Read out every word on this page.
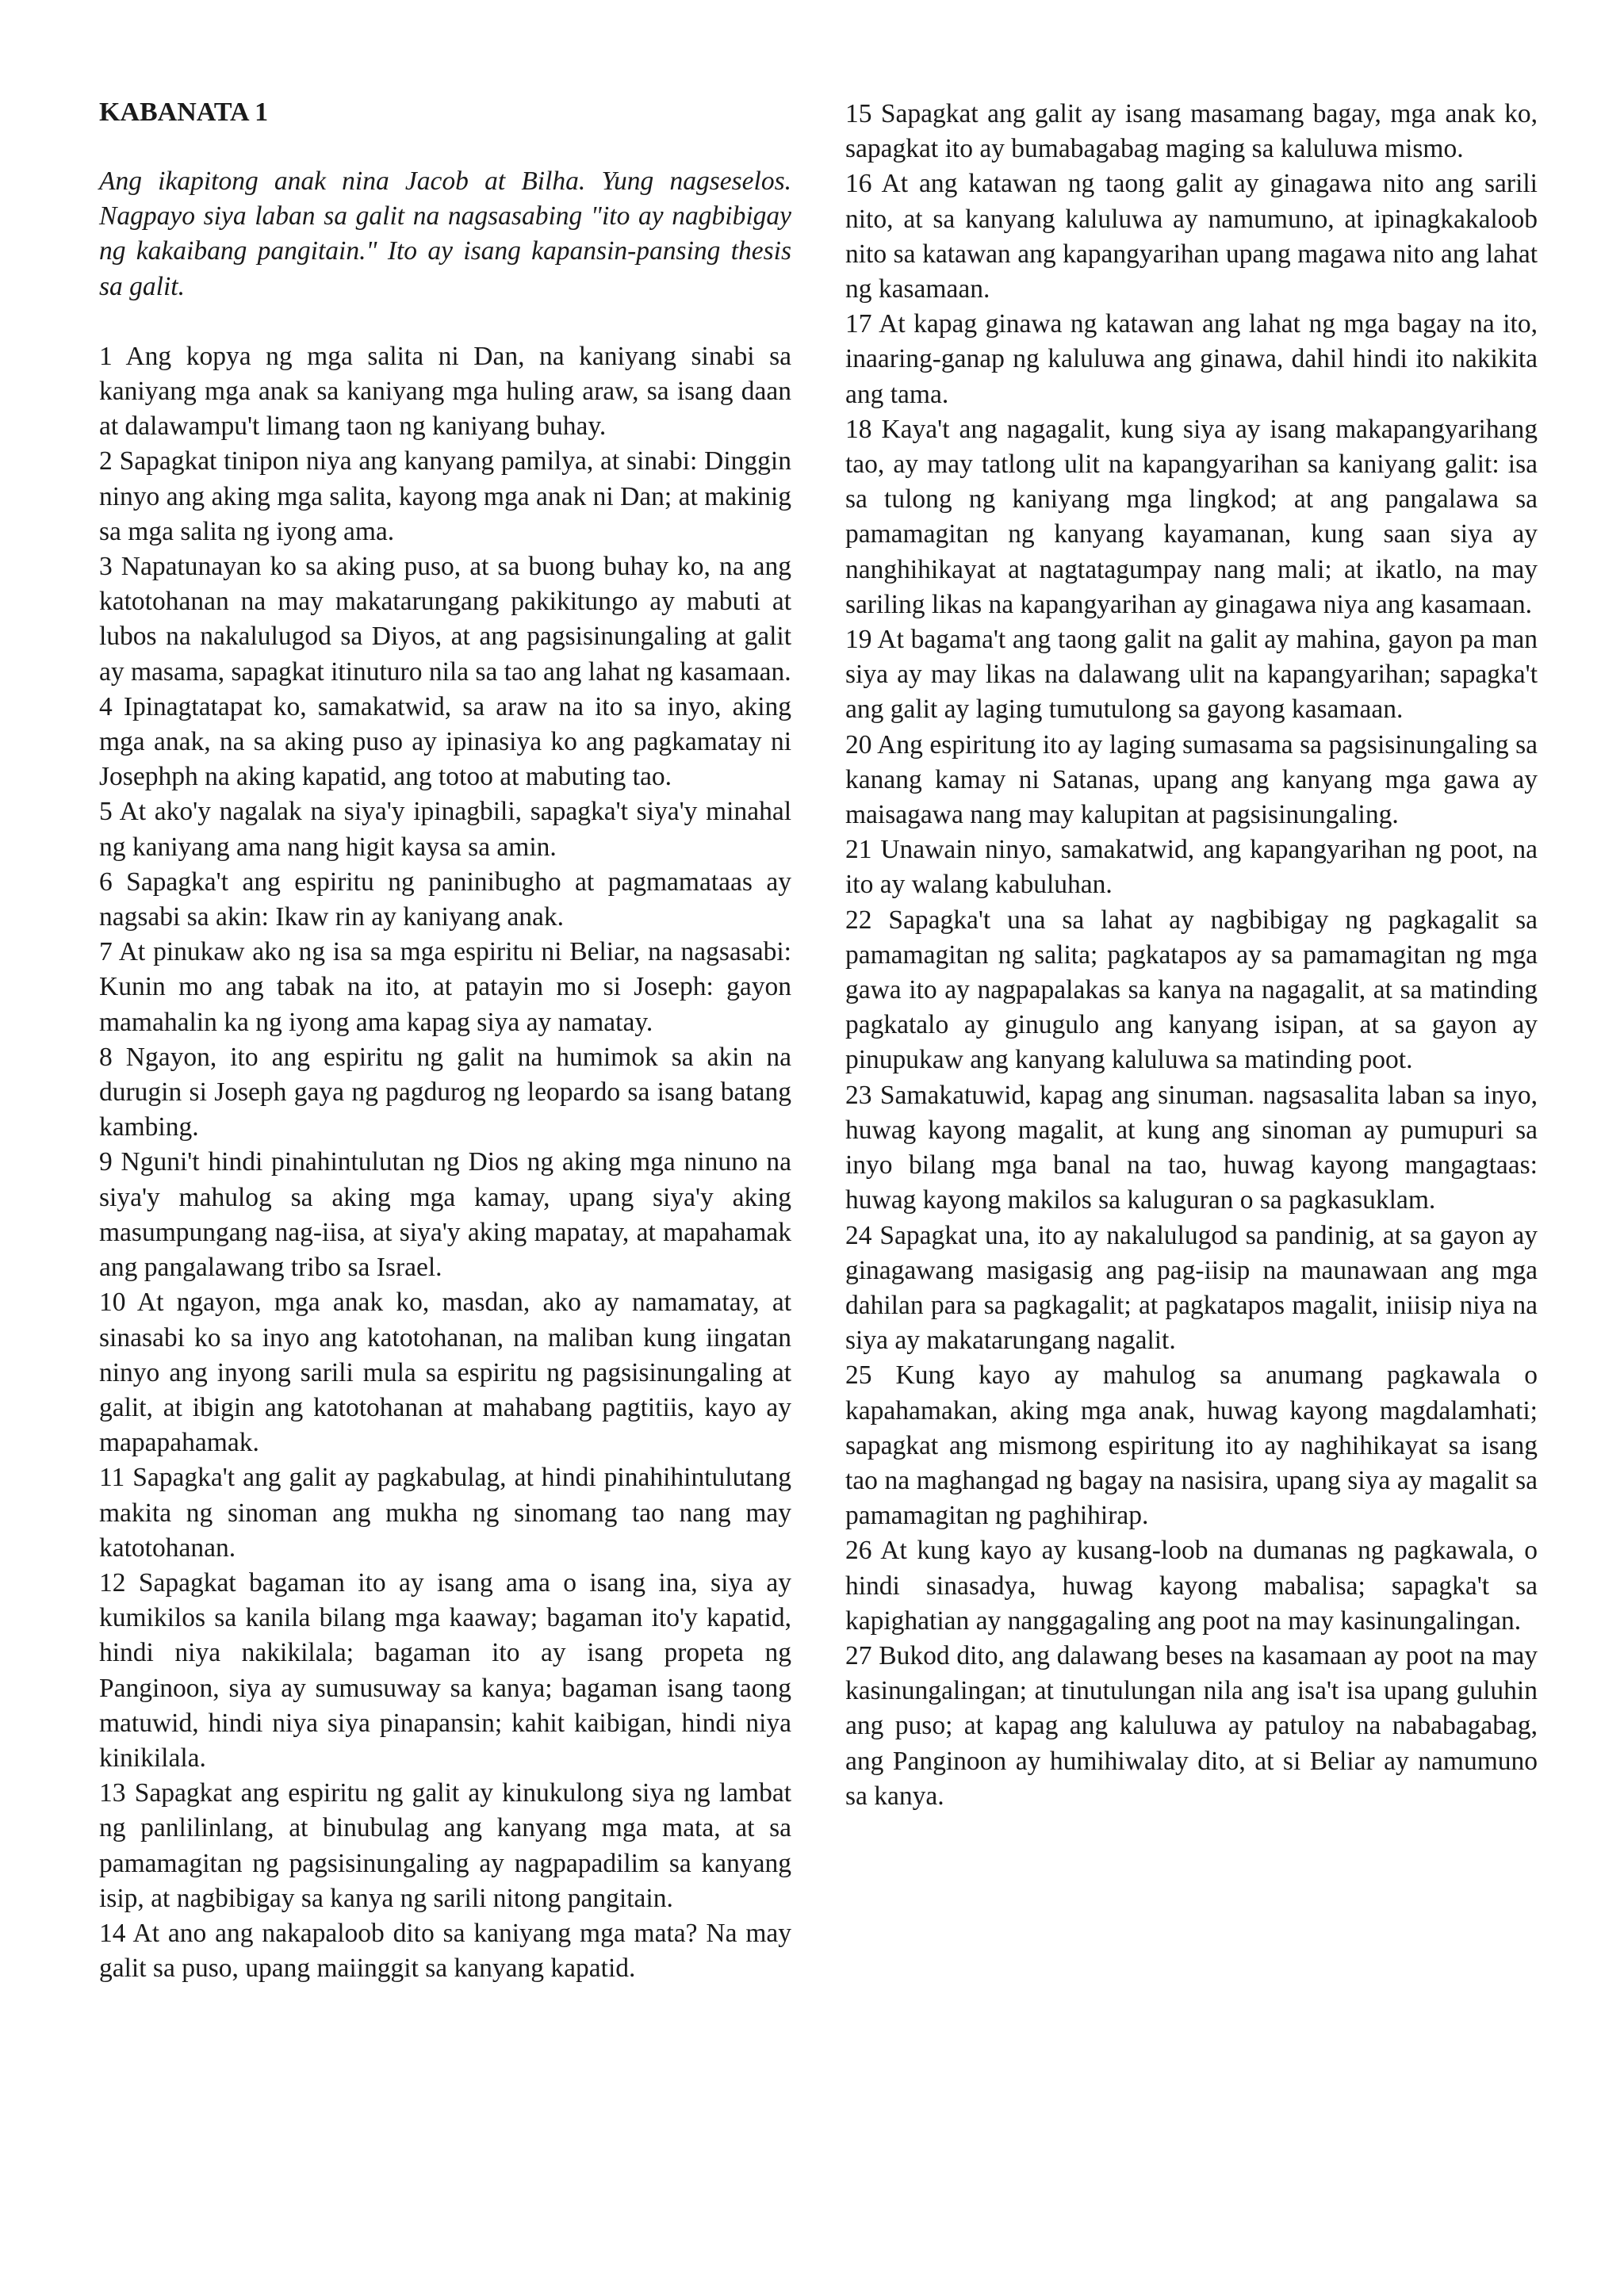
KABANATA 1

Ang ikapitong anak nina Jacob at Bilha. Yung nagseselos. Nagpayo siya laban sa galit na nagsasabing "ito ay nagbibigay ng kakaibang pangitain." Ito ay isang kapansin-pansing thesis sa galit.

1 Ang kopya ng mga salita ni Dan, na kaniyang sinabi sa kaniyang mga anak sa kaniyang mga huling araw, sa isang daan at dalawampu't limang taon ng kaniyang buhay.

2 Sapagkat tinipon niya ang kanyang pamilya, at sinabi: Dinggin ninyo ang aking mga salita, kayong mga anak ni Dan; at makinig sa mga salita ng iyong ama.

3 Napatunayan ko sa aking puso, at sa buong buhay ko, na ang katotohanan na may makatarungang pakikitungo ay mabuti at lubos na nakalulugod sa Diyos, at ang pagsisinungaling at galit ay masama, sapagkat itinuturo nila sa tao ang lahat ng kasamaan.

4 Ipinagtatapat ko, samakatwid, sa araw na ito sa inyo, aking mga anak, na sa aking puso ay ipinasiya ko ang pagkamatay ni Josephph na aking kapatid, ang totoo at mabuting tao.

5 At ako'y nagalak na siya'y ipinagbili, sapagka't siya'y minahal ng kaniyang ama nang higit kaysa sa amin.

6 Sapagka't ang espiritu ng paninibugho at pagmamataas ay nagsabi sa akin: Ikaw rin ay kaniyang anak.

7 At pinukaw ako ng isa sa mga espiritu ni Beliar, na nagsasabi: Kunin mo ang tabak na ito, at patayin mo si Joseph: gayon mamahalin ka ng iyong ama kapag siya ay namatay.

8 Ngayon, ito ang espiritu ng galit na humimok sa akin na durugin si Joseph gaya ng pagdurog ng leopardo sa isang batang kambing.

9 Nguni't hindi pinahintulutan ng Dios ng aking mga ninuno na siya'y mahulog sa aking mga kamay, upang siya'y aking masumpungang nag-iisa, at siya'y aking mapatay, at mapahamak ang pangalawang tribo sa Israel.

10 At ngayon, mga anak ko, masdan, ako ay namamatay, at sinasabi ko sa inyo ang katotohanan, na maliban kung iingatan ninyo ang inyong sarili mula sa espiritu ng pagsisinungaling at galit, at ibigin ang katotohanan at mahabang pagtitiis, kayo ay mapapahamak.

11 Sapagka't ang galit ay pagkabulag, at hindi pinahihintulutang makita ng sinoman ang mukha ng sinomang tao nang may katotohanan.

12 Sapagkat bagaman ito ay isang ama o isang ina, siya ay kumikilos sa kanila bilang mga kaaway; bagaman ito'y kapatid, hindi niya nakikilala; bagaman ito ay isang propeta ng Panginoon, siya ay sumusuway sa kanya; bagaman isang taong matuwid, hindi niya siya pinapansin; kahit kaibigan, hindi niya kinikilala.

13 Sapagkat ang espiritu ng galit ay kinukulong siya ng lambat ng panlilinlang, at binubulag ang kanyang mga mata, at sa pamamagitan ng pagsisinungaling ay nagpapadilim sa kanyang isip, at nagbibigay sa kanya ng sarili nitong pangitain.

14 At ano ang nakapaloob dito sa kaniyang mga mata? Na may galit sa puso, upang maiinggit sa kanyang kapatid.

15 Sapagkat ang galit ay isang masamang bagay, mga anak ko, sapagkat ito ay bumabagabag maging sa kaluluwa mismo.

16 At ang katawan ng taong galit ay ginagawa nito ang sarili nito, at sa kanyang kaluluwa ay namumuno, at ipinagkakaloob nito sa katawan ang kapangyarihan upang magawa nito ang lahat ng kasamaan.

17 At kapag ginawa ng katawan ang lahat ng mga bagay na ito, inaaring-ganap ng kaluluwa ang ginawa, dahil hindi ito nakikita ang tama.

18 Kaya't ang nagagalit, kung siya ay isang makapangyarihang tao, ay may tatlong ulit na kapangyarihan sa kaniyang galit: isa sa tulong ng kaniyang mga lingkod; at ang pangalawa sa pamamagitan ng kanyang kayamanan, kung saan siya ay nanghihikayat at nagtatagumpay nang mali; at ikatlo, na may sariling likas na kapangyarihan ay ginagawa niya ang kasamaan.

19 At bagama't ang taong galit na galit ay mahina, gayon pa man siya ay may likas na dalawang ulit na kapangyarihan; sapagka't ang galit ay laging tumutulong sa gayong kasamaan.

20 Ang espiritung ito ay laging sumasama sa pagsisinungaling sa kanang kamay ni Satanas, upang ang kanyang mga gawa ay maisagawa nang may kalupitan at pagsisinungaling.

21 Unawain ninyo, samakatwid, ang kapangyarihan ng poot, na ito ay walang kabuluhan.

22 Sapagka't una sa lahat ay nagbibigay ng pagkagalit sa pamamagitan ng salita; pagkatapos ay sa pamamagitan ng mga gawa ito ay nagpapalakas sa kanya na nagagalit, at sa matinding pagkatalo ay ginugulo ang kanyang isipan, at sa gayon ay pinupukaw ang kanyang kaluluwa sa matinding poot.

23 Samakatuwid, kapag ang sinuman. nagsasalita laban sa inyo, huwag kayong magalit, at kung ang sinoman ay pumupuri sa inyo bilang mga banal na tao, huwag kayong mangagtaas: huwag kayong makilos sa kaluguran o sa pagkasuklam.

24 Sapagkat una, ito ay nakalulugod sa pandinig, at sa gayon ay ginagawang masigasig ang pag-iisip na maunawaan ang mga dahilan para sa pagkagalit; at pagkatapos magalit, iniisip niya na siya ay makatarungang nagalit.

25 Kung kayo ay mahulog sa anumang pagkawala o kapahamakan, aking mga anak, huwag kayong magdalamhati; sapagkat ang mismong espiritung ito ay naghihikayat sa isang tao na maghangad ng bagay na nasisira, upang siya ay magalit sa pamamagitan ng paghihirap.

26 At kung kayo ay kusang-loob na dumanas ng pagkawala, o hindi sinasadya, huwag kayong mabalisa; sapagka't sa kapighatian ay nanggagaling ang poot na may kasinungalingan.

27 Bukod dito, ang dalawang beses na kasamaan ay poot na may kasinungalingan; at tinutulungan nila ang isa't isa upang guluhin ang puso; at kapag ang kaluluwa ay patuloy na nababagabag, ang Panginoon ay humihiwalay dito, at si Beliar ay namumuno sa kanya.
